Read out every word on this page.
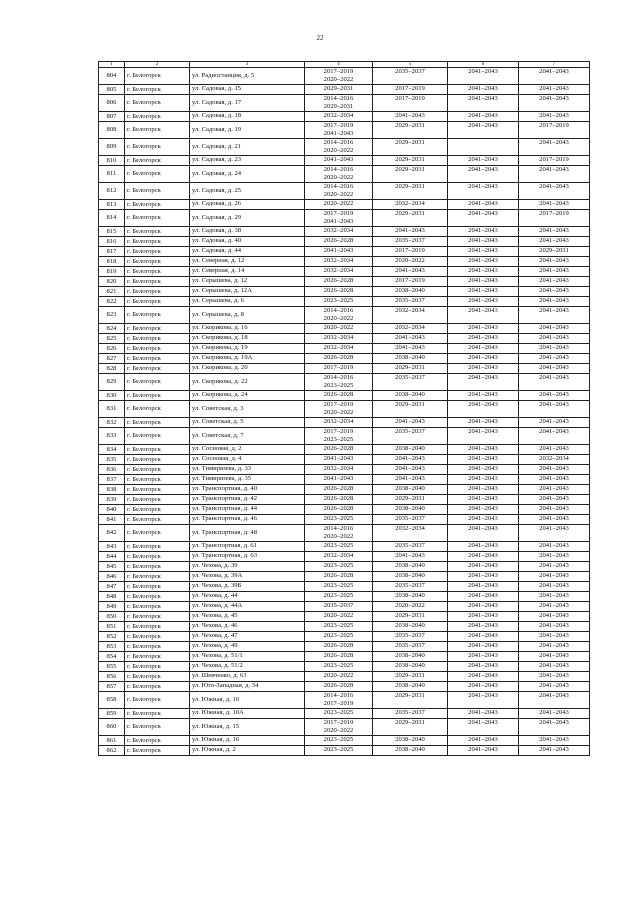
22
1	2	3	4	5	6	7
804	г. Белогорск	ул. Радиостанция, д. 5	2017–2019
2020–2022	2035–2037	2041–2043	2041–2043
805	г. Белогорск	ул. Садовая, д. 15	2029–2031	2017–2019	2041–2043	2041–2043
806	г. Белогорск	ул. Садовая, д. 17	2014–2016
2029–2031	2017–2019	2041–2043	2041–2043
807	г. Белогорск	ул. Садовая, д. 18	2032–2034	2041–2043	2041–2043	2041–2043
808	г. Белогорск	ул. Садовая, д. 19	2017–2019
2041–2043	2029–2031	2041–2043	2017–2019
809	г. Белогорск	ул. Садовая, д. 21	2014–2016
2020–2022	2029–2031		2041–2043
810	г. Белогорск	ул. Садовая, д. 23	2041–2043	2029–2031	2041–2043	2017–2019
811	г. Белогорск	ул. Садовая, д. 24	2014–2016
2020–2022	2029–2031	2041–2043	2041–2043
812	г. Белогорск	ул. Садовая, д. 25	2014–2016
2020–2022	2029–2031	2041–2043	2041–2043
813	г. Белогорск	ул. Садовая, д. 26	2020–2022	2032–2034	2041–2043	2041–2043
814	г. Белогорск	ул. Садовая, д. 29	2017–2019
2041–2043	2029–2031	2041–2043	2017–2019
815	г. Белогорск	ул. Садовая, д. 38	2032–2034	2041–2043	2041–2043	2041–2043
816	г. Белогорск	ул. Садовая, д. 40	2026–2028	2035–2037	2041–2043	2041–2043
817	г. Белогорск	ул. Садовая, д. 44	2041–2043	2017–2019	2041–2043	2029–2031
818	г. Белогорск	ул. Северная, д. 12	2032–2034	2020–2022	2041–2043	2041–2043
819	г. Белогорск	ул. Северная, д. 14	2032–2034	2041–2043	2041–2043	2041–2043
820	г. Белогорск	ул. Серышева, д. 12	2026–2028	2017–2019	2041–2043	2041–2043
821	г. Белогорск	ул. Серышева, д. 12А	2026–2028	2038–2040	2041–2043	2041–2043
822	г. Белогорск	ул. Серышева, д. 6	2023–2025	2035–2037	2041–2043	2041–2043
823	г. Белогорск	ул. Серышева, д. 8	2014–2016
2020–2022	2032–2034	2041–2043	2041–2043
824	г. Белогорск	ул. Скорикова, д. 16	2020–2022	2032–2034	2041–2043	2041–2043
825	г. Белогорск	ул. Скорикова, д. 18	2032–2034	2041–2043	2041–2043	2041–2043
826	г. Белогорск	ул. Скорикова, д. 19	2032–2034	2041–2043	2041–2043	2041–2043
827	г. Белогорск	ул. Скорикова, д. 19А	2026–2028	2038–2040	2041–2043	2041–2043
828	г. Белогорск	ул. Скорикова, д. 20	2017–2019	2029–2031	2041–2043	2041–2043
829	г. Белогорск	ул. Скорикова, д. 22	2014–2016
2023–2025	2035–2037	2041–2043	2041–2043
830	г. Белогорск	ул. Скорикова, д. 24	2026–2028	2038–2040	2041–2043	2041–2043
831	г. Белогорск	ул. Советская, д. 3	2017–2019
2020–2022	2029–2031	2041–2043	2041–2043
832	г. Белогорск	ул. Советская, д. 5	2032–2034	2041–2043	2041–2043	2041–2043
833	г. Белогорск	ул. Советская, д. 7	2017–2019
2023–2025	2035–2037	2041–2043	2041–2043
834	г. Белогорск	ул. Сосновая, д. 2	2026–2028	2038–2040	2041–2043	2041–2043
835	г. Белогорск	ул. Сосновая, д. 4	2041–2043	2041–2043	2041–2043	2032–2034
836	г. Белогорск	ул. Тимирязева, д. 33	2032–2034	2041–2043	2041–2043	2041–2043
837	г. Белогорск	ул. Тимирязева, д. 35	2041–2043	2041–2043	2041–2043	2041–2043
838	г. Белогорск	ул. Транспортная, д. 40	2026–2028	2038–2040	2041–2043	2041–2043
839	г. Белогорск	ул. Транспортная, д. 42	2026–2028	2029–2031	2041–2043	2041–2043
840	г. Белогорск	ул. Транспортная, д. 44	2026–2028	2038–2040	2041–2043	2041–2043
841	г. Белогорск	ул. Транспортная, д. 46	2023–2025	2035–2037	2041–2043	2041–2043
842	г. Белогорск	ул. Транспортная, д. 48	2014–2016
2020–2022	2032–2034	2041–2043	2041–2043
843	г. Белогорск	ул. Транспортная, д. 61	2023–2025	2035–2037	2041–2043	2041–2043
844	г. Белогорск	ул. Транспортная, д. 63	2032–2034	2041–2043	2041–2043	2041–2043
845	г. Белогорск	ул. Чехова, д. 39	2023–2025	2038–2040	2041–2043	2041–2043
846	г. Белогорск	ул. Чехова, д. 39А	2026–2028	2038–2040	2041–2043	2041–2043
847	г. Белогорск	ул. Чехова, д. 39Б	2023–2025	2035–2037	2041–2043	2041–2043
848	г. Белогорск	ул. Чехова, д. 44	2023–2025	2038–2040	2041–2043	2041–2043
849	г. Белогорск	ул. Чехова, д. 44А	2035–2037	2020–2022	2041–2043	2041–2043
850	г. Белогорск	ул. Чехова, д. 45	2020–2022	2029–2031	2041–2043	2041–2043
851	г. Белогорск	ул. Чехова, д. 46	2023–2025	2038–2040	2041–2043	2041–2043
852	г. Белогорск	ул. Чехова, д. 47	2023–2025	2035–2037	2041–2043	2041–2043
853	г. Белогорск	ул. Чехова, д. 49	2026–2028	2035–2037	2041–2043	2041–2043
854	г. Белогорск	ул. Чехова, д. 51/1	2026–2028	2038–2040	2041–2043	2041–2043
855	г. Белогорск	ул. Чехова, д. 51/2	2023–2025	2038–2040	2041–2043	2041–2043
856	г. Белогорск	ул. Шевченко, д. 63	2020–2022	2029–2031	2041–2043	2041–2043
857	г. Белогорск	ул. Юго-Западная, д. 34	2026–2028	2038–2040	2041–2043	2041–2043
858	г. Белогорск	ул. Южная, д. 10	2014–2016
2017–2019	2029–2031	2041–2043	2041–2043
859	г. Белогорск	ул. Южная, д. 10А	2023–2025	2035–2037	2041–2043	2041–2043
860	г. Белогорск	ул. Южная, д. 15	2017–2019
2020–2022	2029–2031	2041–2043	2041–2043
861	г. Белогорск	ул. Южная, д. 16	2023–2025	2038–2040	2041–2043	2041–2043
862	г. Белогорск	ул. Южная, д. 2	2023–2025	2038–2040	2041–2043	2041–2043
